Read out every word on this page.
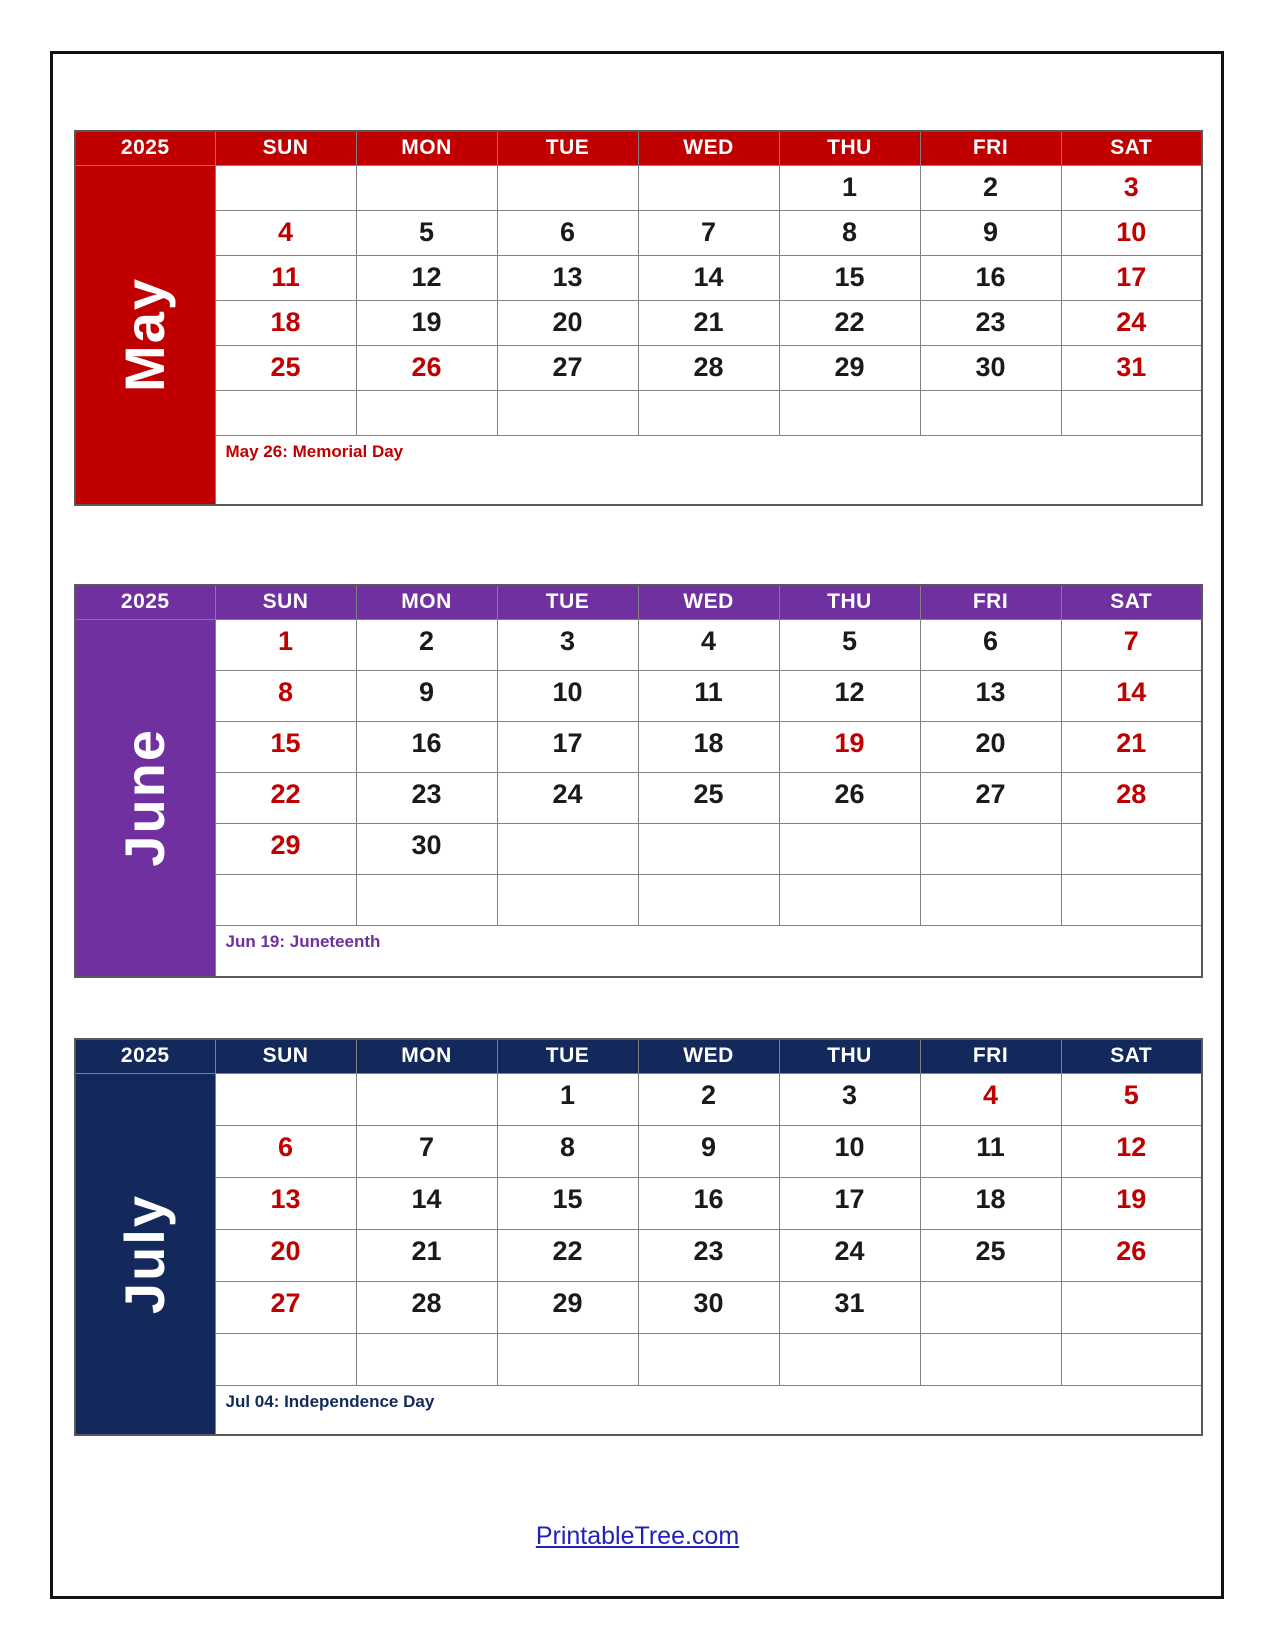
2025	SUN	MON	TUE	WED	THU	FRI	SAT

May					1	2	3
	4	5	6	7	8	9	10
	11	12	13	14	15	16	17
	18	19	20	21	22	23	24
	25	26	27	28	29	30	31

	May 26: Memorial Day						
2025	SUN	MON	TUE	WED	THU	FRI	SAT

June	1	2	3	4	5	6	7
	8	9	10	11	12	13	14
	15	16	17	18	19	20	21
	22	23	24	25	26	27	28
	29	30					

	Jun 19: Juneteenth						
2025	SUN	MON	TUE	WED	THU	FRI	SAT

July			1	2	3	4	5
	6	7	8	9	10	11	12
	13	14	15	16	17	18	19
	20	21	22	23	24	25	26
	27	28	29	30	31		

	Jul 04: Independence Day						
PrintableTree.com
